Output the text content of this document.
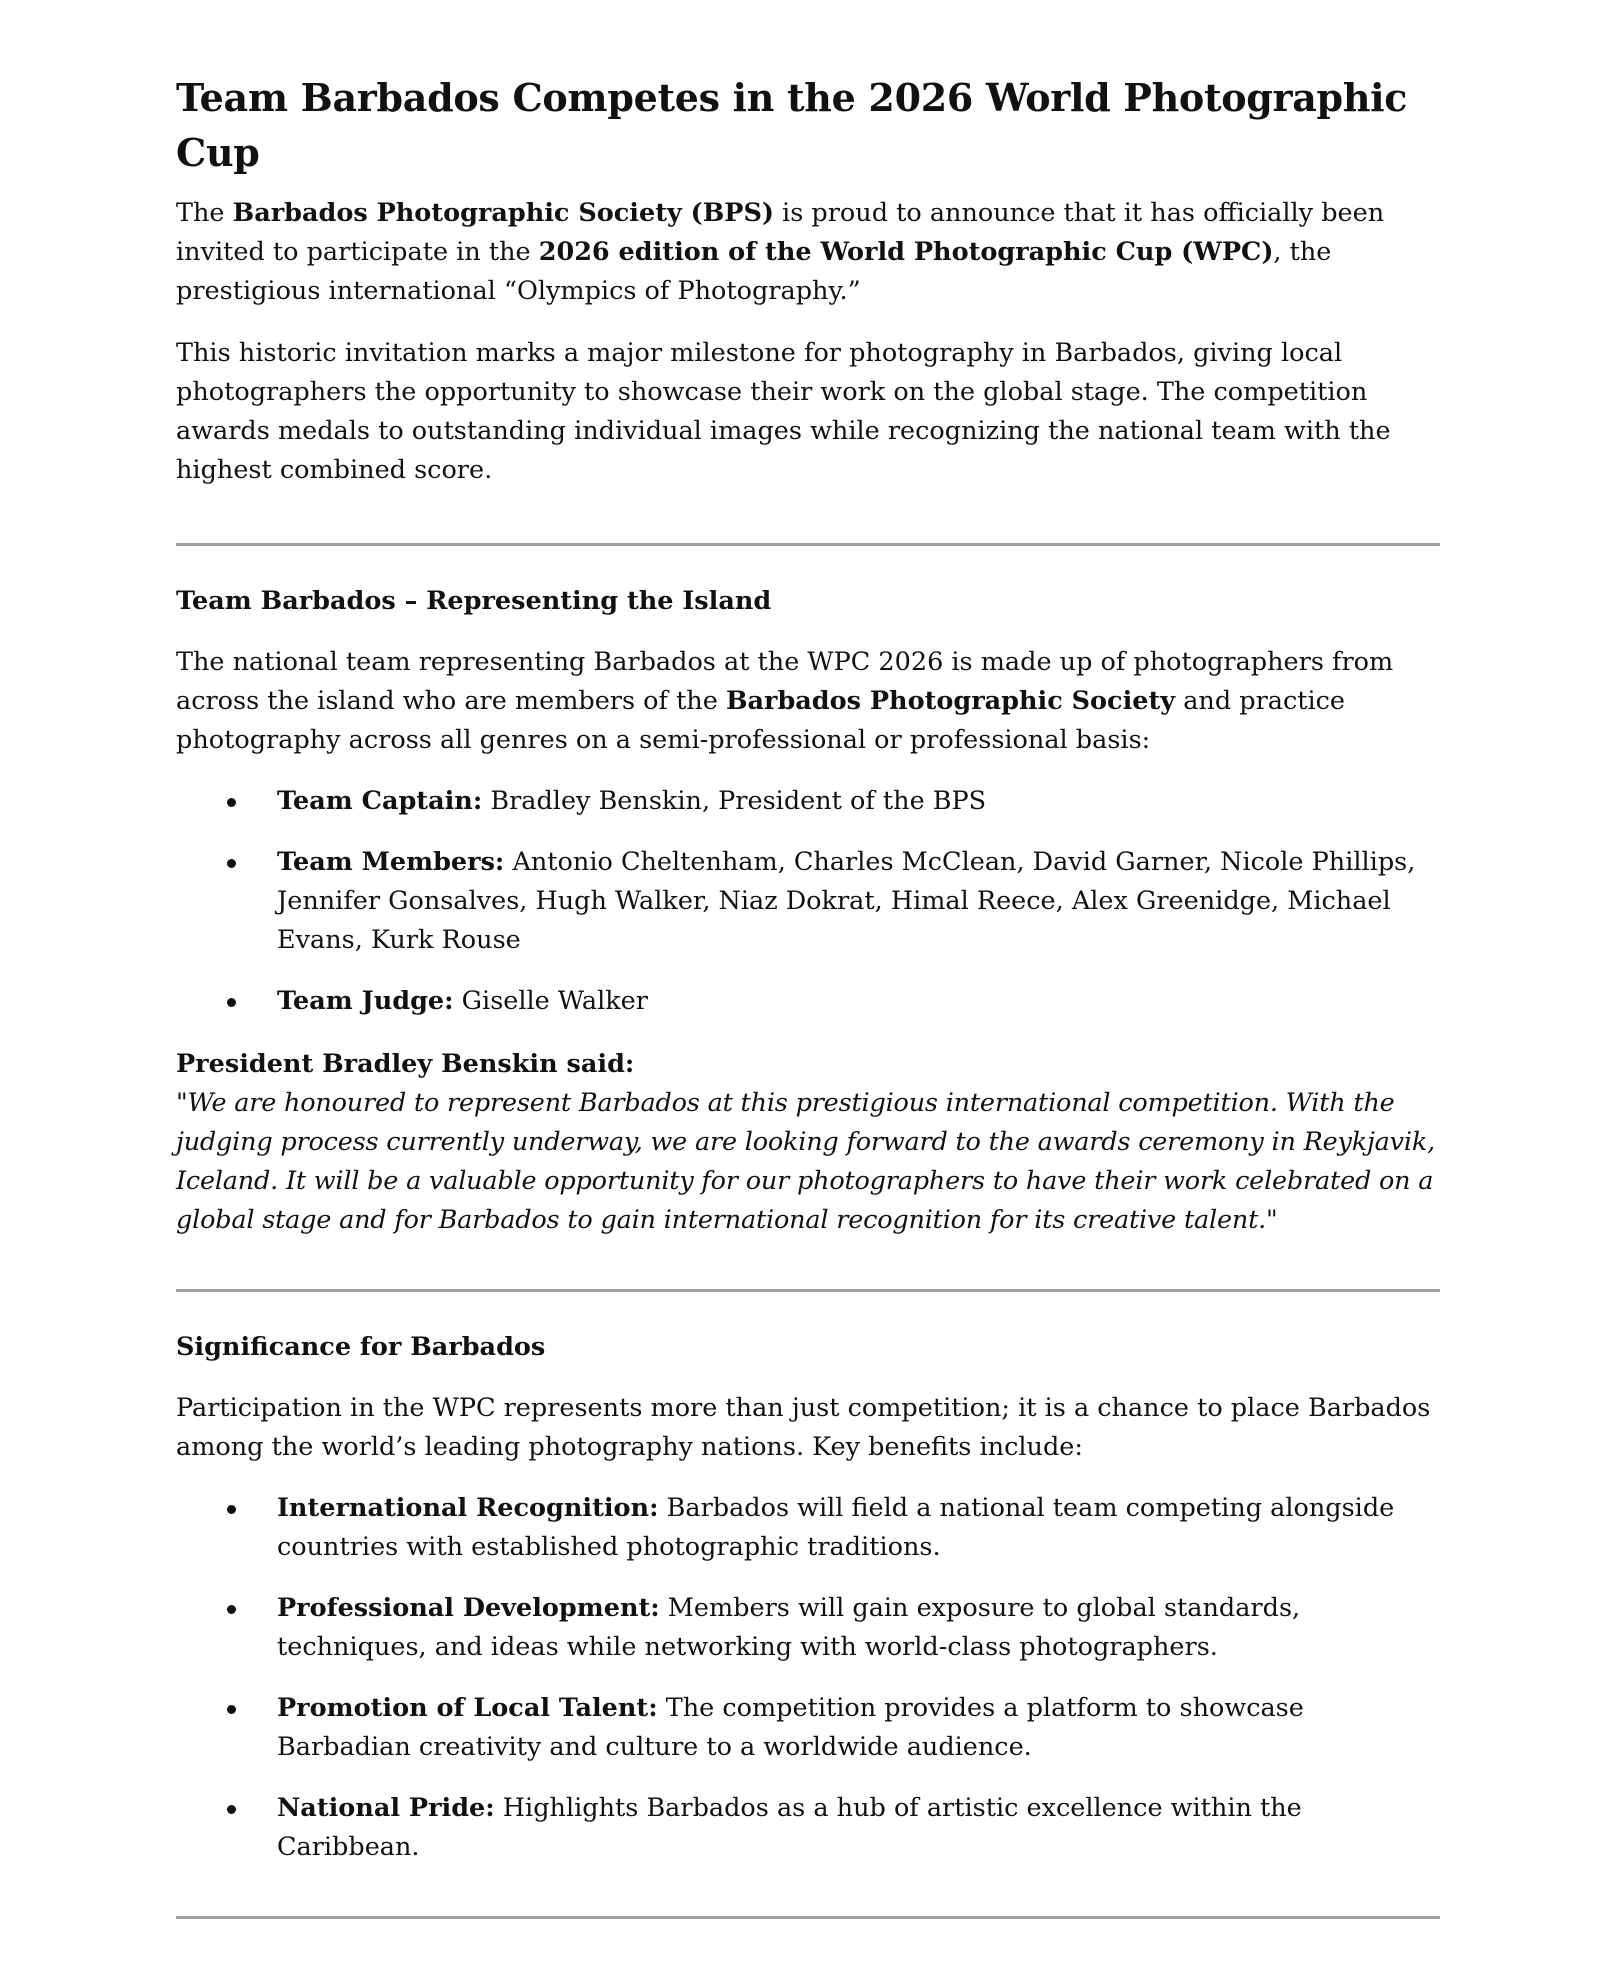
Team Barbados Competes in the 2026 World Photographic Cup

The Barbados Photographic Society (BPS) is proud to announce that it has officially been invited to participate in the 2026 edition of the World Photographic Cup (WPC), the prestigious international “Olympics of Photography.”

This historic invitation marks a major milestone for photography in Barbados, giving local photographers the opportunity to showcase their work on the global stage. The competition awards medals to outstanding individual images while recognizing the national team with the highest combined score.

Team Barbados – Representing the Island

The national team representing Barbados at the WPC 2026 is made up of photographers from across the island who are members of the Barbados Photographic Society and practice photography across all genres on a semi-professional or professional basis:

Team Captain: Bradley Benskin, President of the BPS
Team Members: Antonio Cheltenham, Charles McClean, David Garner, Nicole Phillips, Jennifer Gonsalves, Hugh Walker, Niaz Dokrat, Himal Reece, Alex Greenidge, Michael Evans, Kurk Rouse
Team Judge: Giselle Walker
President Bradley Benskin said:
"We are honoured to represent Barbados at this prestigious international competition. With the judging process currently underway, we are looking forward to the awards ceremony in Reykjavik, Iceland. It will be a valuable opportunity for our photographers to have their work celebrated on a global stage and for Barbados to gain international recognition for its creative talent."
Significance for Barbados

Participation in the WPC represents more than just competition; it is a chance to place Barbados among the world’s leading photography nations. Key benefits include:

International Recognition: Barbados will field a national team competing alongside countries with established photographic traditions.
Professional Development: Members will gain exposure to global standards, techniques, and ideas while networking with world-class photographers.
Promotion of Local Talent: The competition provides a platform to showcase Barbadian creativity and culture to a worldwide audience.
National Pride: Highlights Barbados as a hub of artistic excellence within the Caribbean.
